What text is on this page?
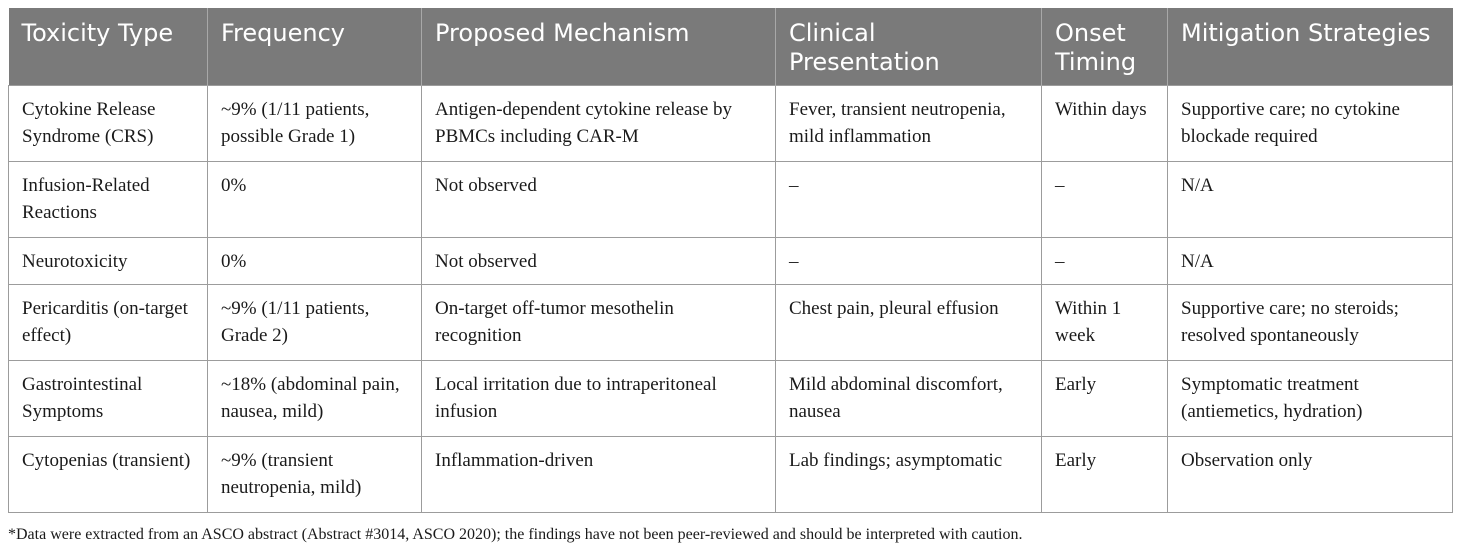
Toxicity Type	Frequency	Proposed Mechanism	Clinical Presentation	Onset Timing	Mitigation Strategies
Cytokine Release Syndrome (CRS)	~9% (1/11 patients, possible Grade 1)	Antigen-dependent cytokine release by PBMCs including CAR-M	Fever, transient neutropenia, mild inflammation	Within days	Supportive care; no cytokine blockade required
Infusion-Related Reactions	0%	Not observed	–	–	N/A
Neurotoxicity	0%	Not observed	–	–	N/A
Pericarditis (on-target effect)	~9% (1/11 patients, Grade 2)	On-target off-tumor mesothelin recognition	Chest pain, pleural effusion	Within 1 week	Supportive care; no steroids; resolved spontaneously
Gastrointestinal Symptoms	~18% (abdominal pain, nausea, mild)	Local irritation due to intraperitoneal infusion	Mild abdominal discomfort, nausea	Early	Symptomatic treatment (antiemetics, hydration)
Cytopenias (transient)	~9% (transient neutropenia, mild)	Inflammation-driven	Lab findings; asymptomatic	Early	Observation only
*Data were extracted from an ASCO abstract (Abstract #3014, ASCO 2020); the findings have not been peer-reviewed and should be interpreted with caution.
